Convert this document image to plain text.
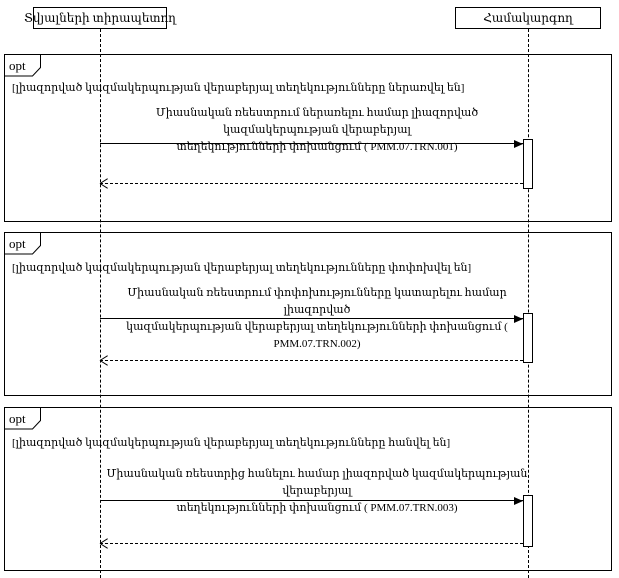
Տվյալների տիրապետող	Համակարգող
opt
[լիազորված կազմակերպության վերաբերյալ տեղեկությունները ներառվել են]
Միասնական ռեեստրում ներառելու համար լիազորված կազմակերպության վերաբերյալ
տեղեկությունների փոխանցում ( PMM.07.TRN.001)
opt
[լիազորված կազմակերպության վերաբերյալ տեղեկությունները փոփոխվել են]
Միասնական ռեեստրում փոփոխությունները կատարելու համար լիազորված
կազմակերպության վերաբերյալ տեղեկությունների փոխանցում ( PMM.07.TRN.002)
opt
[լիազորված կազմակերպության վերաբերյալ տեղեկությունները հանվել են]
Միասնական ռեեստրից հանելու համար լիազորված կազմակերպության վերաբերյալ
տեղեկությունների փոխանցում ( PMM.07.TRN.003)
